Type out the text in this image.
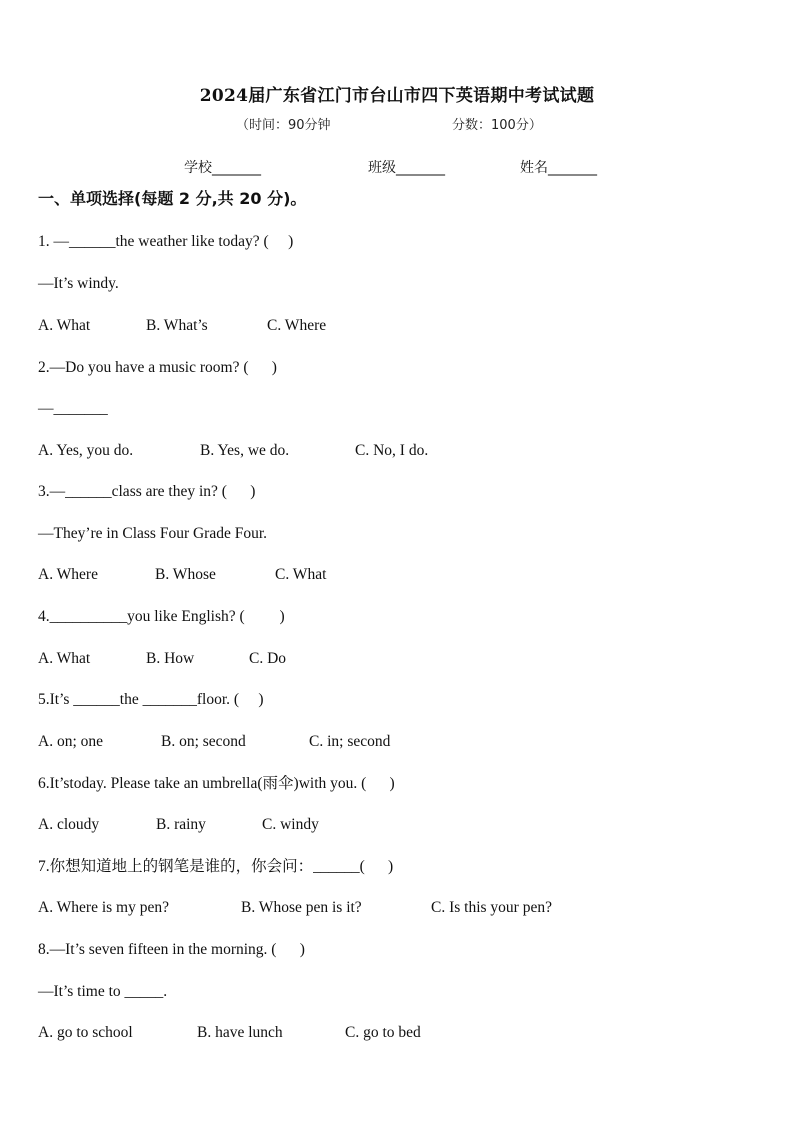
2024届广东省江门市台山市四下英语期中考试试题
（时间：90分钟	分数：100分）
学校_______	班级_______	姓名_______
一、单项选择(每题 2 分,共 20 分)。
1. —______the weather like today? (     )
—It’s windy.
A. What	B. What’s	C. Where
2.—Do you have a music room? (      )
—_______
A. Yes, you do.	B. Yes, we do.	C. No, I do.
3.—______class are they in? (      )
—They’re in Class Four Grade Four.
A. Where	B. Whose	C. What
4.__________you like English? (         )
A. What	B. How	C. Do
5.It’s ______the _______floor. (     )
A. on; one	B. on; second	C. in; second
6.It’stoday. Please take an umbrella(雨伞)with you. (      )
A. cloudy	B. rainy	C. windy
7.你想知道地上的钢笔是谁的，你会问：______(      )
A. Where is my pen?	B. Whose pen is it?	C. Is this your pen?
8.—It’s seven fifteen in the morning. (      )
—It’s time to _____.
A. go to school	B. have lunch	C. go to bed
